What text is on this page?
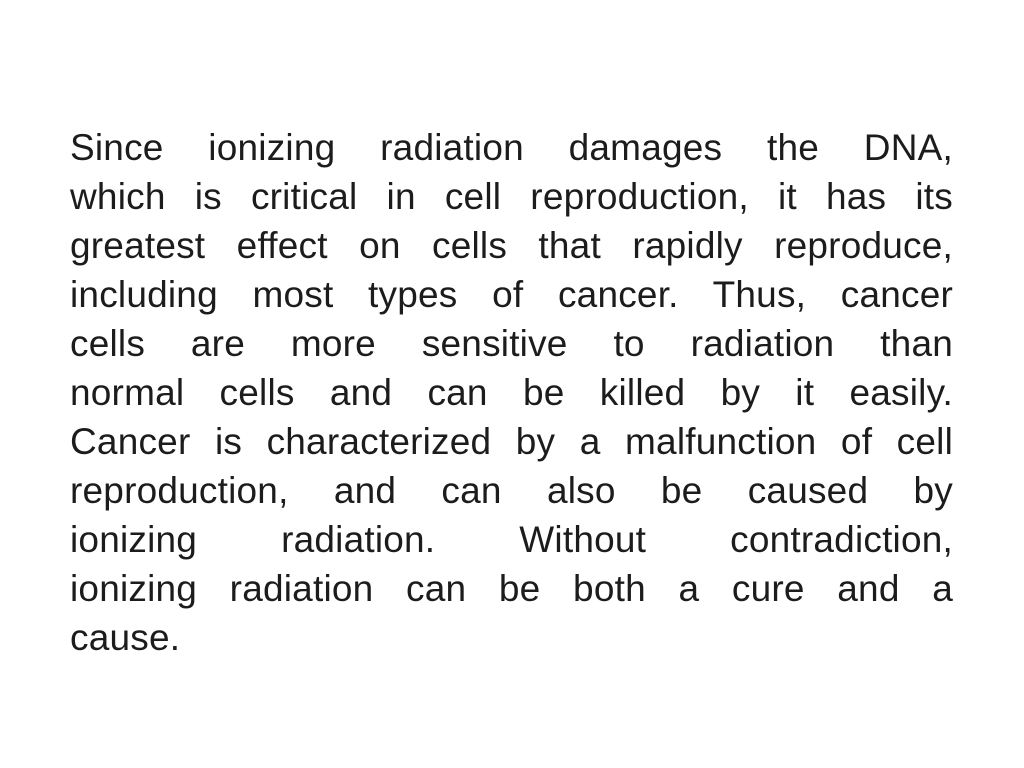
Since ionizing radiation damages the DNA,
which is critical in cell reproduction, it has its
greatest effect on cells that rapidly reproduce,
including most types of cancer. Thus, cancer
cells are more sensitive to radiation than
normal cells and can be killed by it easily.
Cancer is characterized by a malfunction of cell
reproduction, and can also be caused by
ionizing radiation. Without contradiction,
ionizing radiation can be both a cure and a
cause.
